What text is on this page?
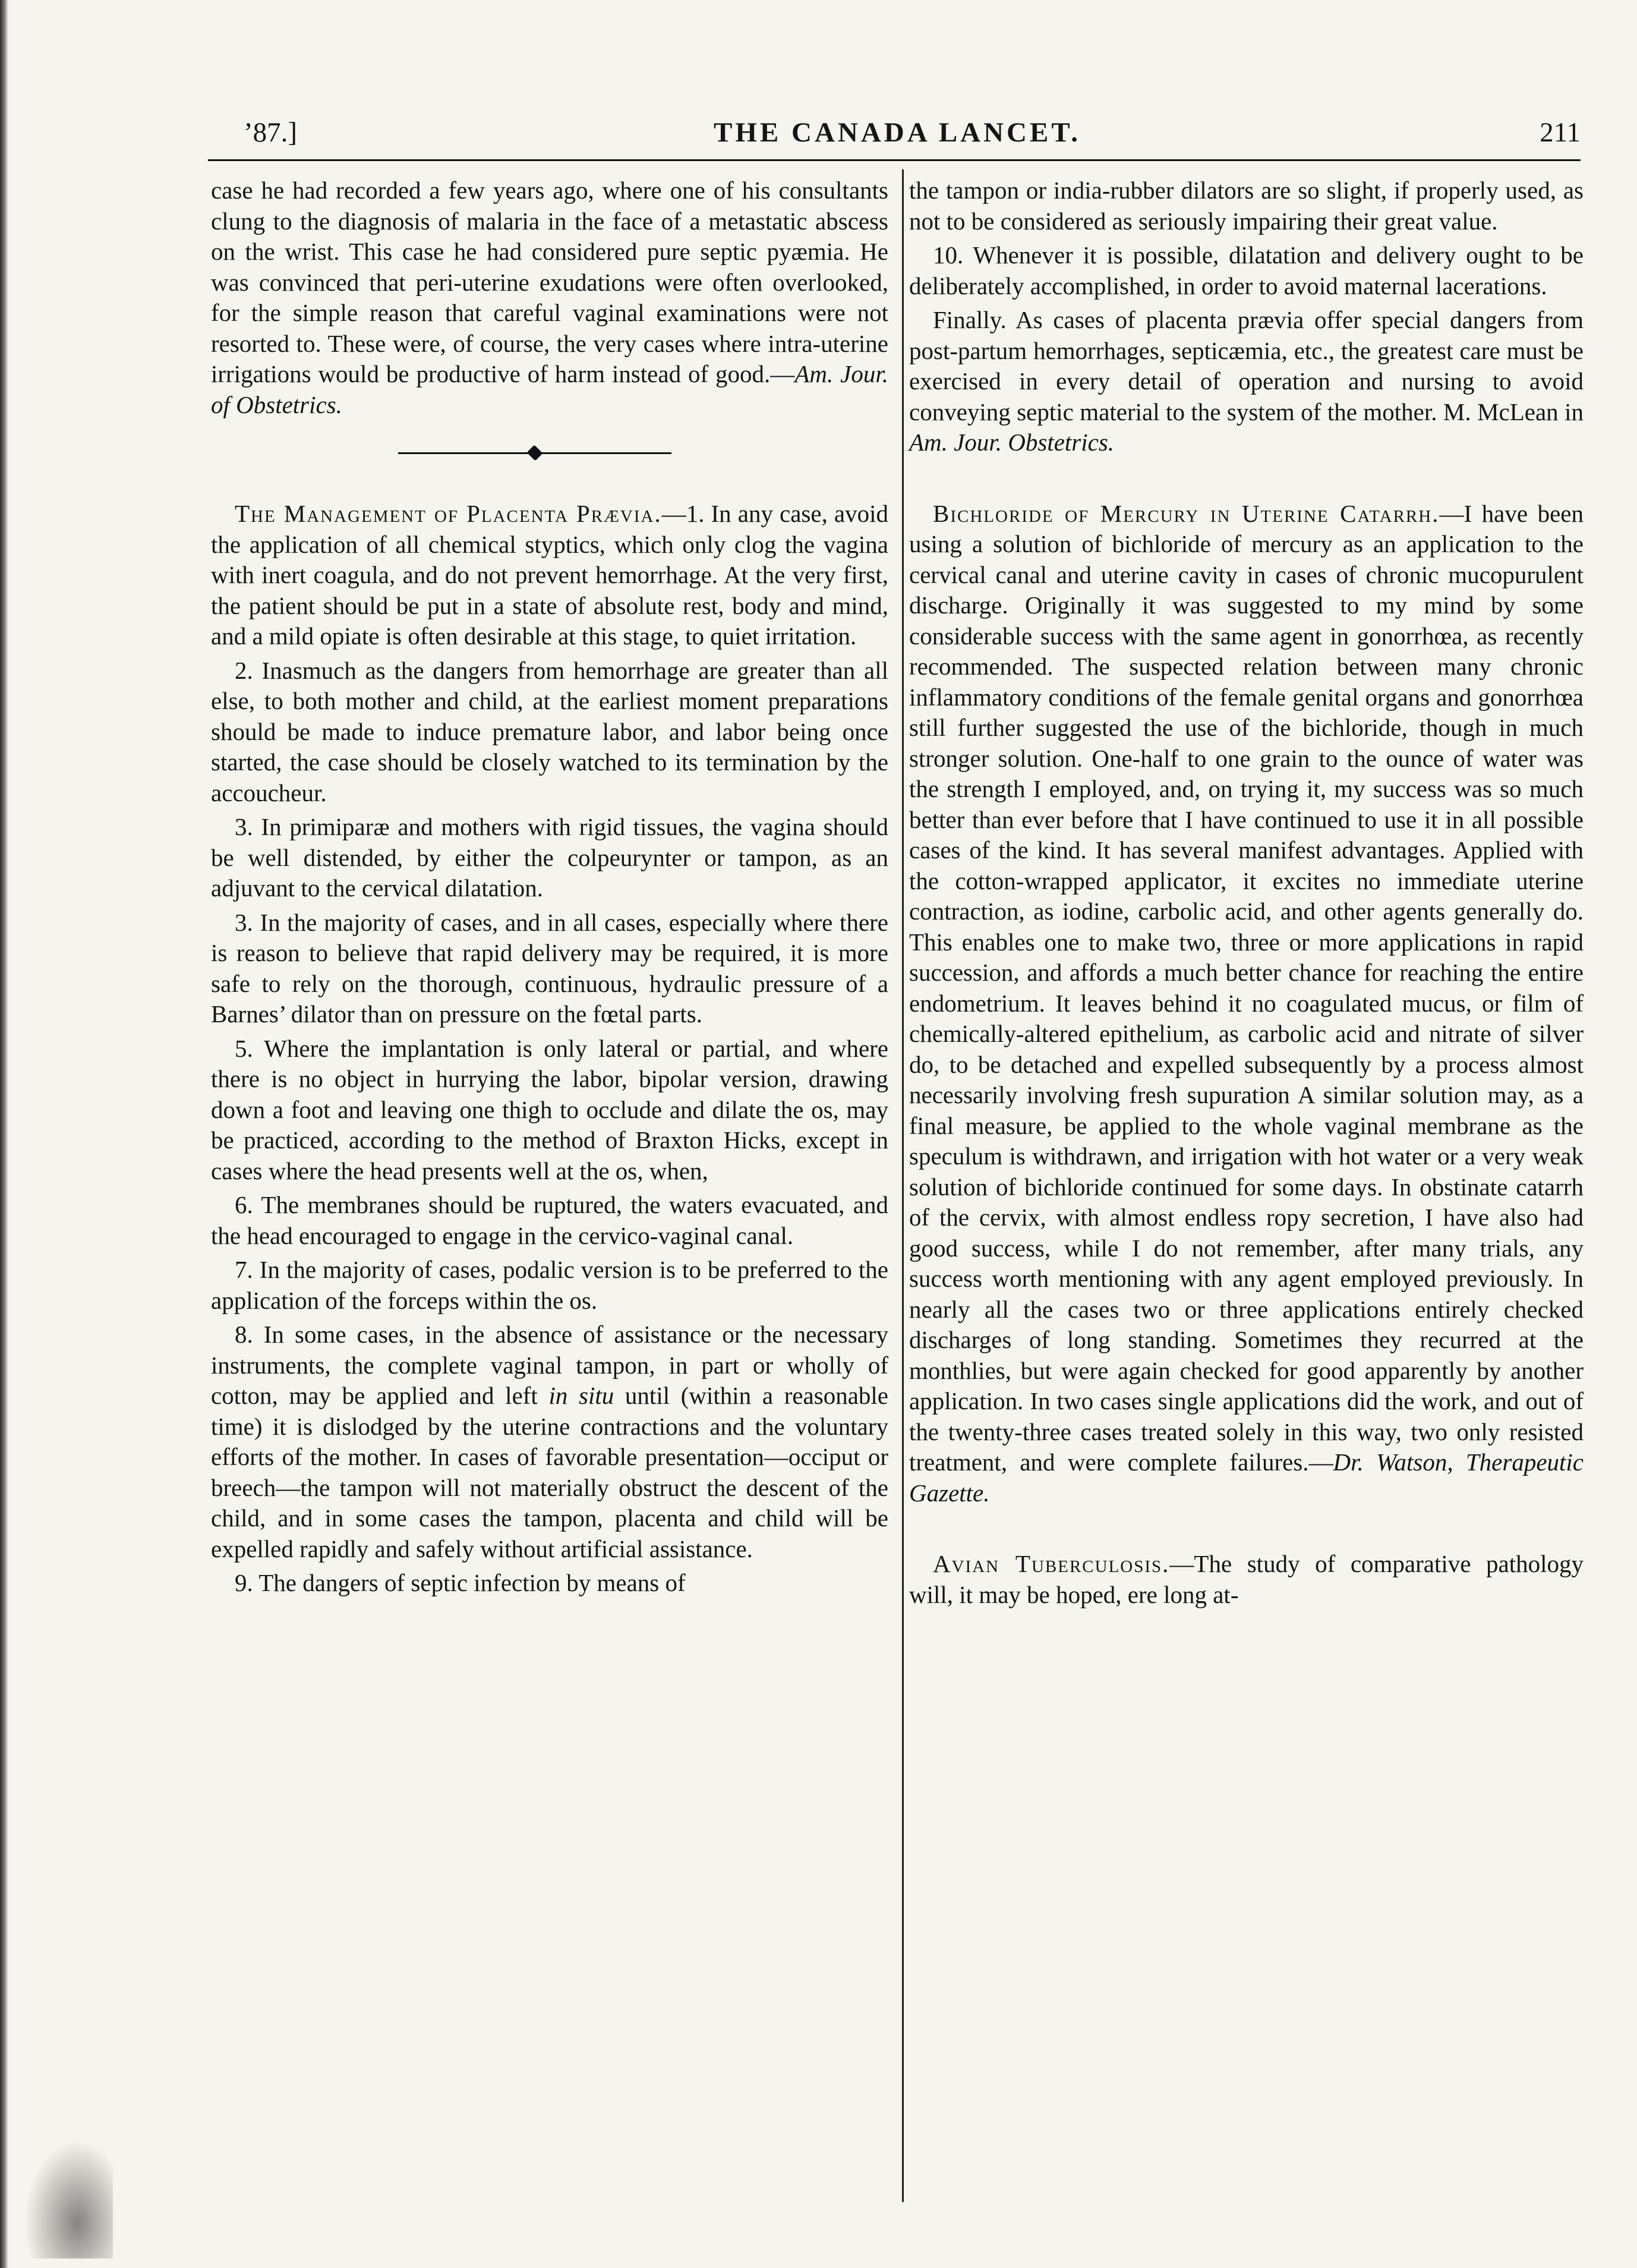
’87.]	THE CANADA LANCET.	211

case he had recorded a few years ago, where one of his consultants clung to the diagnosis of malaria in the face of a metastatic abscess on the wrist. This case he had considered pure septic pyæmia. He was convinced that peri-uterine exudations were often overlooked, for the simple reason that careful vaginal examinations were not resorted to. These were, of course, the very cases where intra-uterine irrigations would be productive of harm instead of good.—Am. Jour. of Obstetrics.

The Management of Placenta Prævia.—1. In any case, avoid the application of all chemical styptics, which only clog the vagina with inert coagula, and do not prevent hemorrhage. At the very first, the patient should be put in a state of absolute rest, body and mind, and a mild opiate is often desirable at this stage, to quiet irritation.

2. Inasmuch as the dangers from hemorrhage are greater than all else, to both mother and child, at the earliest moment preparations should be made to induce premature labor, and labor being once started, the case should be closely watched to its termination by the accoucheur.

3. In primiparæ and mothers with rigid tissues, the vagina should be well distended, by either the colpeurynter or tampon, as an adjuvant to the cervical dilatation.

3. In the majority of cases, and in all cases, especially where there is reason to believe that rapid delivery may be required, it is more safe to rely on the thorough, continuous, hydraulic pressure of a Barnes’ dilator than on pressure on the fœtal parts.

5. Where the implantation is only lateral or partial, and where there is no object in hurrying the labor, bipolar version, drawing down a foot and leaving one thigh to occlude and dilate the os, may be practiced, according to the method of Braxton Hicks, except in cases where the head presents well at the os, when,

6. The membranes should be ruptured, the waters evacuated, and the head encouraged to engage in the cervico-vaginal canal.

7. In the majority of cases, podalic version is to be preferred to the application of the forceps within the os.

8. In some cases, in the absence of assistance or the necessary instruments, the complete vaginal tampon, in part or wholly of cotton, may be applied and left in situ until (within a reasonable time) it is dislodged by the uterine contractions and the voluntary efforts of the mother. In cases of favorable presentation—occiput or breech—the tampon will not materially obstruct the descent of the child, and in some cases the tampon, placenta and child will be expelled rapidly and safely without artificial assistance.

9. The dangers of septic infection by means of

the tampon or india-rubber dilators are so slight, if properly used, as not to be considered as seriously impairing their great value.

10. Whenever it is possible, dilatation and delivery ought to be deliberately accomplished, in order to avoid maternal lacerations.

Finally. As cases of placenta prævia offer special dangers from post-partum hemorrhages, septicæmia, etc., the greatest care must be exercised in every detail of operation and nursing to avoid conveying septic material to the system of the mother. M. McLean in Am. Jour. Obstetrics.

Bichloride of Mercury in Uterine Catarrh.—I have been using a solution of bichloride of mercury as an application to the cervical canal and uterine cavity in cases of chronic mucopurulent discharge. Originally it was suggested to my mind by some considerable success with the same agent in gonorrhœa, as recently recommended. The suspected relation between many chronic inflammatory conditions of the female genital organs and gonorrhœa still further suggested the use of the bichloride, though in much stronger solution. One-half to one grain to the ounce of water was the strength I employed, and, on trying it, my success was so much better than ever before that I have continued to use it in all possible cases of the kind. It has several manifest advantages. Applied with the cotton-wrapped applicator, it excites no immediate uterine contraction, as iodine, carbolic acid, and other agents generally do. This enables one to make two, three or more applications in rapid succession, and affords a much better chance for reaching the entire endometrium. It leaves behind it no coagulated mucus, or film of chemically-altered epithelium, as carbolic acid and nitrate of silver do, to be detached and expelled subsequently by a process almost necessarily involving fresh supuration A similar solution may, as a final measure, be applied to the whole vaginal membrane as the speculum is withdrawn, and irrigation with hot water or a very weak solution of bichloride continued for some days. In obstinate catarrh of the cervix, with almost endless ropy secretion, I have also had good success, while I do not remember, after many trials, any success worth mentioning with any agent employed previously. In nearly all the cases two or three applications entirely checked discharges of long standing. Sometimes they recurred at the monthlies, but were again checked for good apparently by another application. In two cases single applications did the work, and out of the twenty-three cases treated solely in this way, two only resisted treatment, and were complete failures.—Dr. Watson, Therapeutic Gazette.

Avian Tuberculosis.—The study of comparative pathology will, it may be hoped, ere long at-
